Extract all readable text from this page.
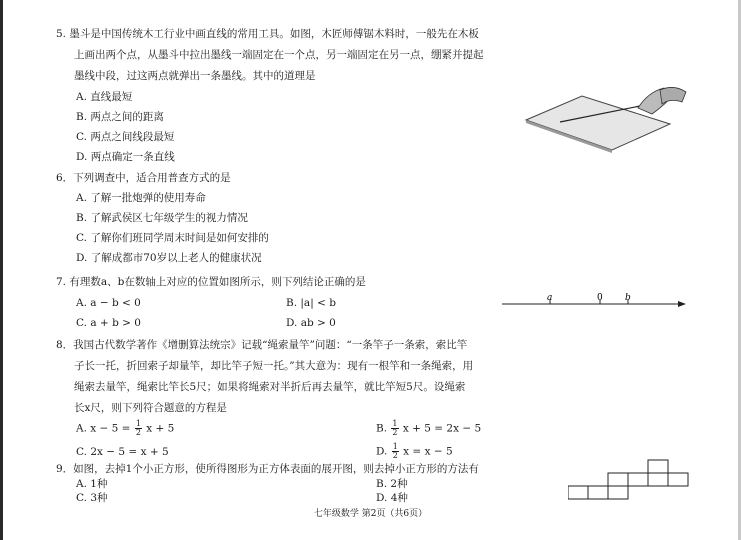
5. 墨斗是中国传统木工行业中画直线的常用工具。如图，木匠师傅锯木料时，一般先在木板
上画出两个点，从墨斗中拉出墨线一端固定在一个点，另一端固定在另一点，绷紧并提起
墨线中段，过这两点就弹出一条墨线。其中的道理是
A. 直线最短
B. 两点之间的距离
C. 两点之间线段最短
D. 两点确定一条直线
6．下列调查中，适合用普查方式的是
A. 了解一批炮弹的使用寿命
B. 了解武侯区七年级学生的视力情况
C. 了解你们班同学周末时间是如何安排的
D. 了解成都市70岁以上老人的健康状况
7. 有理数a、b在数轴上对应的位置如图所示，则下列结论正确的是
A. a − b < 0	B. |a| < b
C. a + b > 0	D. ab > 0
a	0 b
8．我国古代数学著作《增删算法统宗》记载“绳索量竿”问题：“一条竿子一条索，索比竿
子长一托，折回索子却量竿，却比竿子短一托。”其大意为：现有一根竿和一条绳索，用
绳索去量竿，绳索比竿长5尺；如果将绳索对半折后再去量竿，就比竿短5尺。设绳索
长x尺，则下列符合题意的方程是
A. $x - 5 = \frac{1}{2}$ x + 5	B. $\frac{1}{2}$ x + 5 = 2x − 5
C. 2x − 5 = x + 5	D. $\frac{1}{2}$ x = x − 5
9．如图，去掉1个小正方形，使所得图形为正方体表面的展开图，则去掉小正方形的方法有
A. 1种	B. 2种
C. 3种	D. 4种
七年级数学 第2页（共6页）
